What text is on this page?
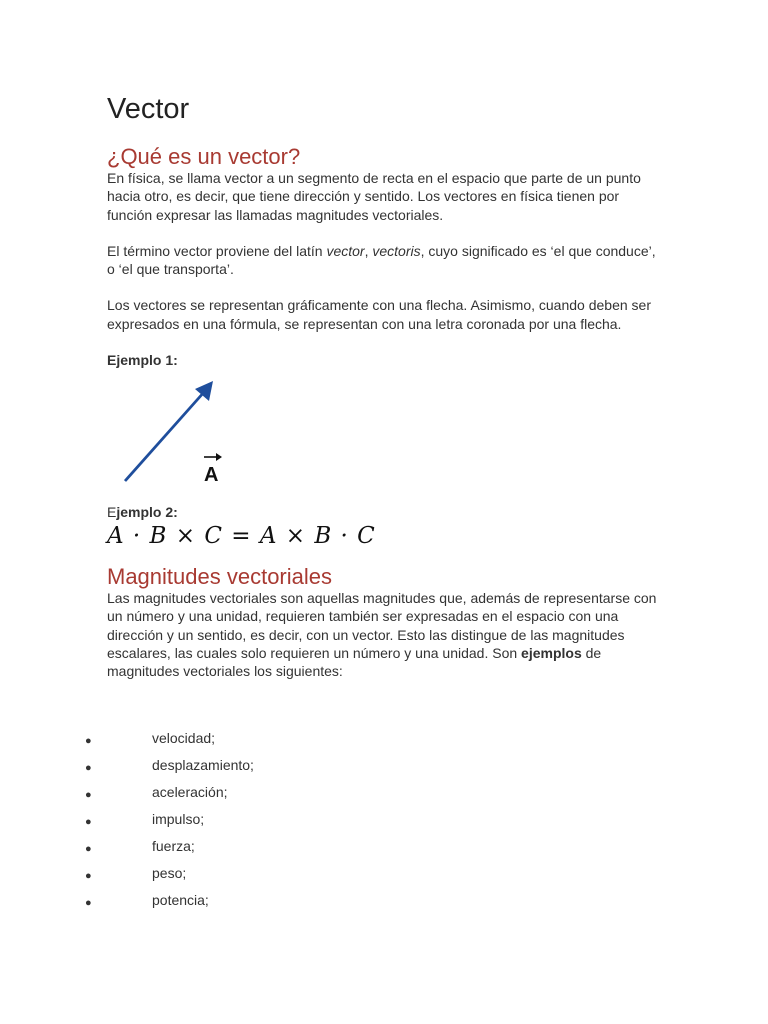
Vector
¿Qué es un vector?

En física, se llama vector a un segmento de recta en el espacio que parte de un punto hacia otro, es decir, que tiene dirección y sentido. Los vectores en física tienen por función expresar las llamadas magnitudes vectoriales.

El término vector proviene del latín vector, vectoris, cuyo significado es ‘el que conduce’, o ‘el que transporta’.

Los vectores se representan gráficamente con una flecha. Asimismo, cuando deben ser expresados en una fórmula, se representan con una letra coronada por una flecha.

Ejemplo 1:
A
Ejemplo 2:
A · B × C = A × B · C
Magnitudes vectoriales

Las magnitudes vectoriales son aquellas magnitudes que, además de representarse con un número y una unidad, requieren también ser expresadas en el espacio con una dirección y un sentido, es decir, con un vector. Esto las distingue de las magnitudes escalares, las cuales solo requieren un número y una unidad. Son ejemplos de magnitudes vectoriales los siguientes:

●	velocidad;
●	desplazamiento;
●	aceleración;
●	impulso;
●	fuerza;
●	peso;
●	potencia;
